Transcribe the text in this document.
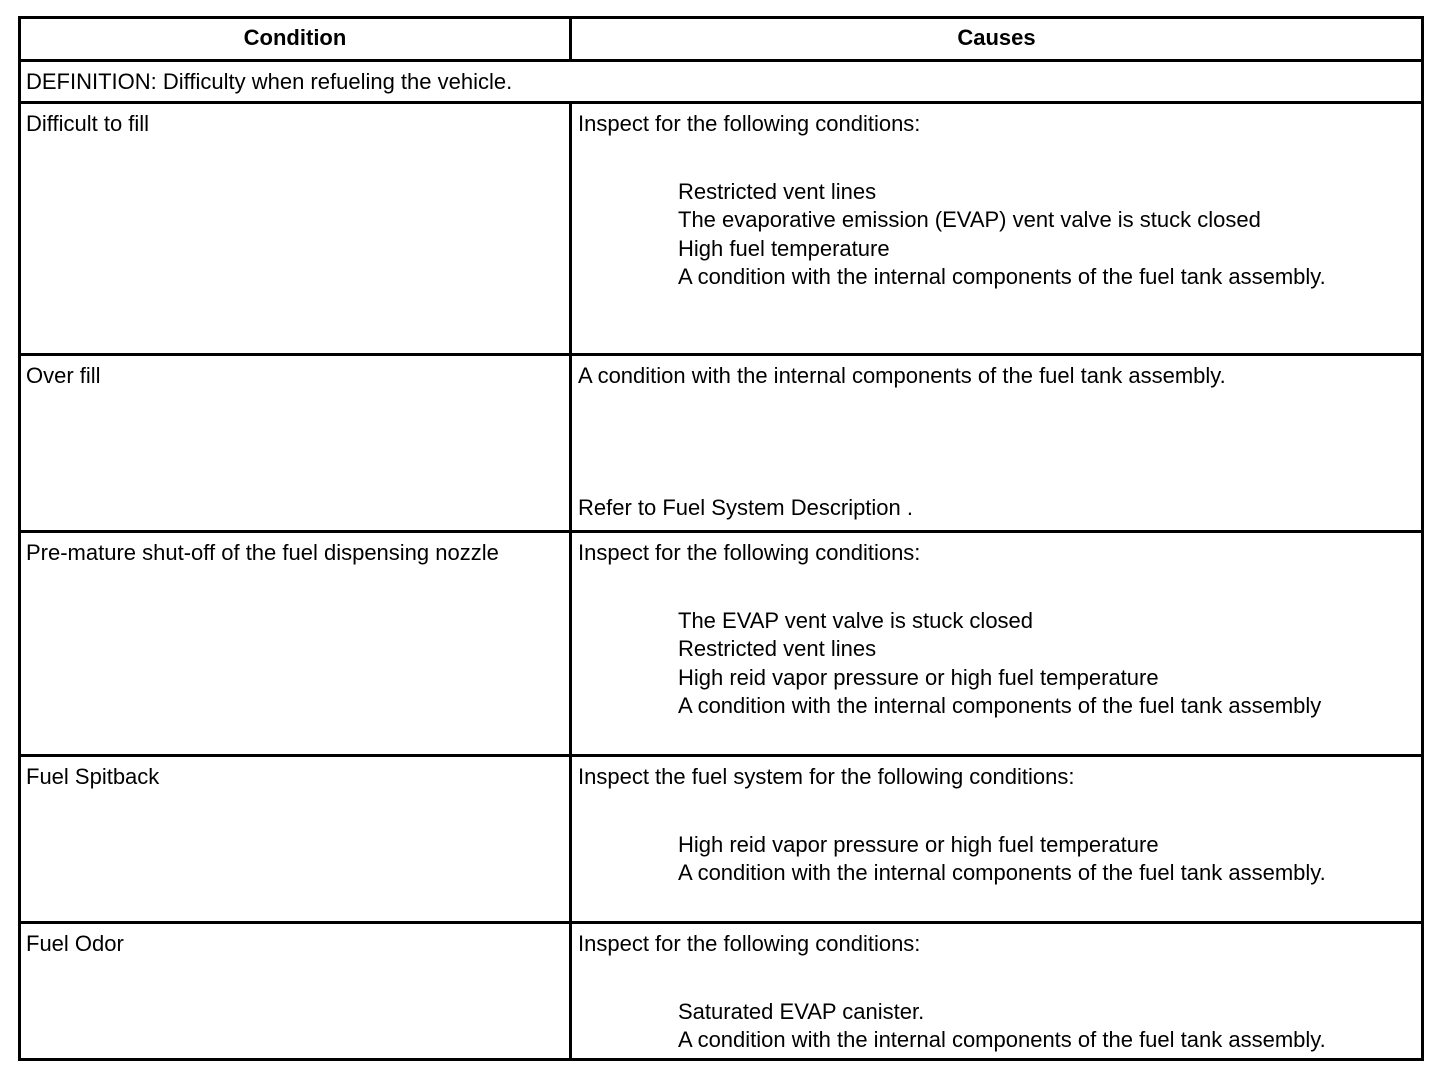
Condition	Causes
DEFINITION: Difficulty when refueling the vehicle.
Difficult to fill	Inspect for the following conditions:
Restricted vent lines
The evaporative emission (EVAP) vent valve is stuck closed
High fuel temperature
A condition with the internal components of the fuel tank assembly.
Over fill	A condition with the internal components of the fuel tank assembly.
Refer to Fuel System Description .
Pre-mature shut-off of the fuel dispensing nozzle	Inspect for the following conditions:
The EVAP vent valve is stuck closed
Restricted vent lines
High reid vapor pressure or high fuel temperature
A condition with the internal components of the fuel tank assembly
Fuel Spitback	Inspect the fuel system for the following conditions:
High reid vapor pressure or high fuel temperature
A condition with the internal components of the fuel tank assembly.
Fuel Odor	Inspect for the following conditions:
Saturated EVAP canister.
A condition with the internal components of the fuel tank assembly.
